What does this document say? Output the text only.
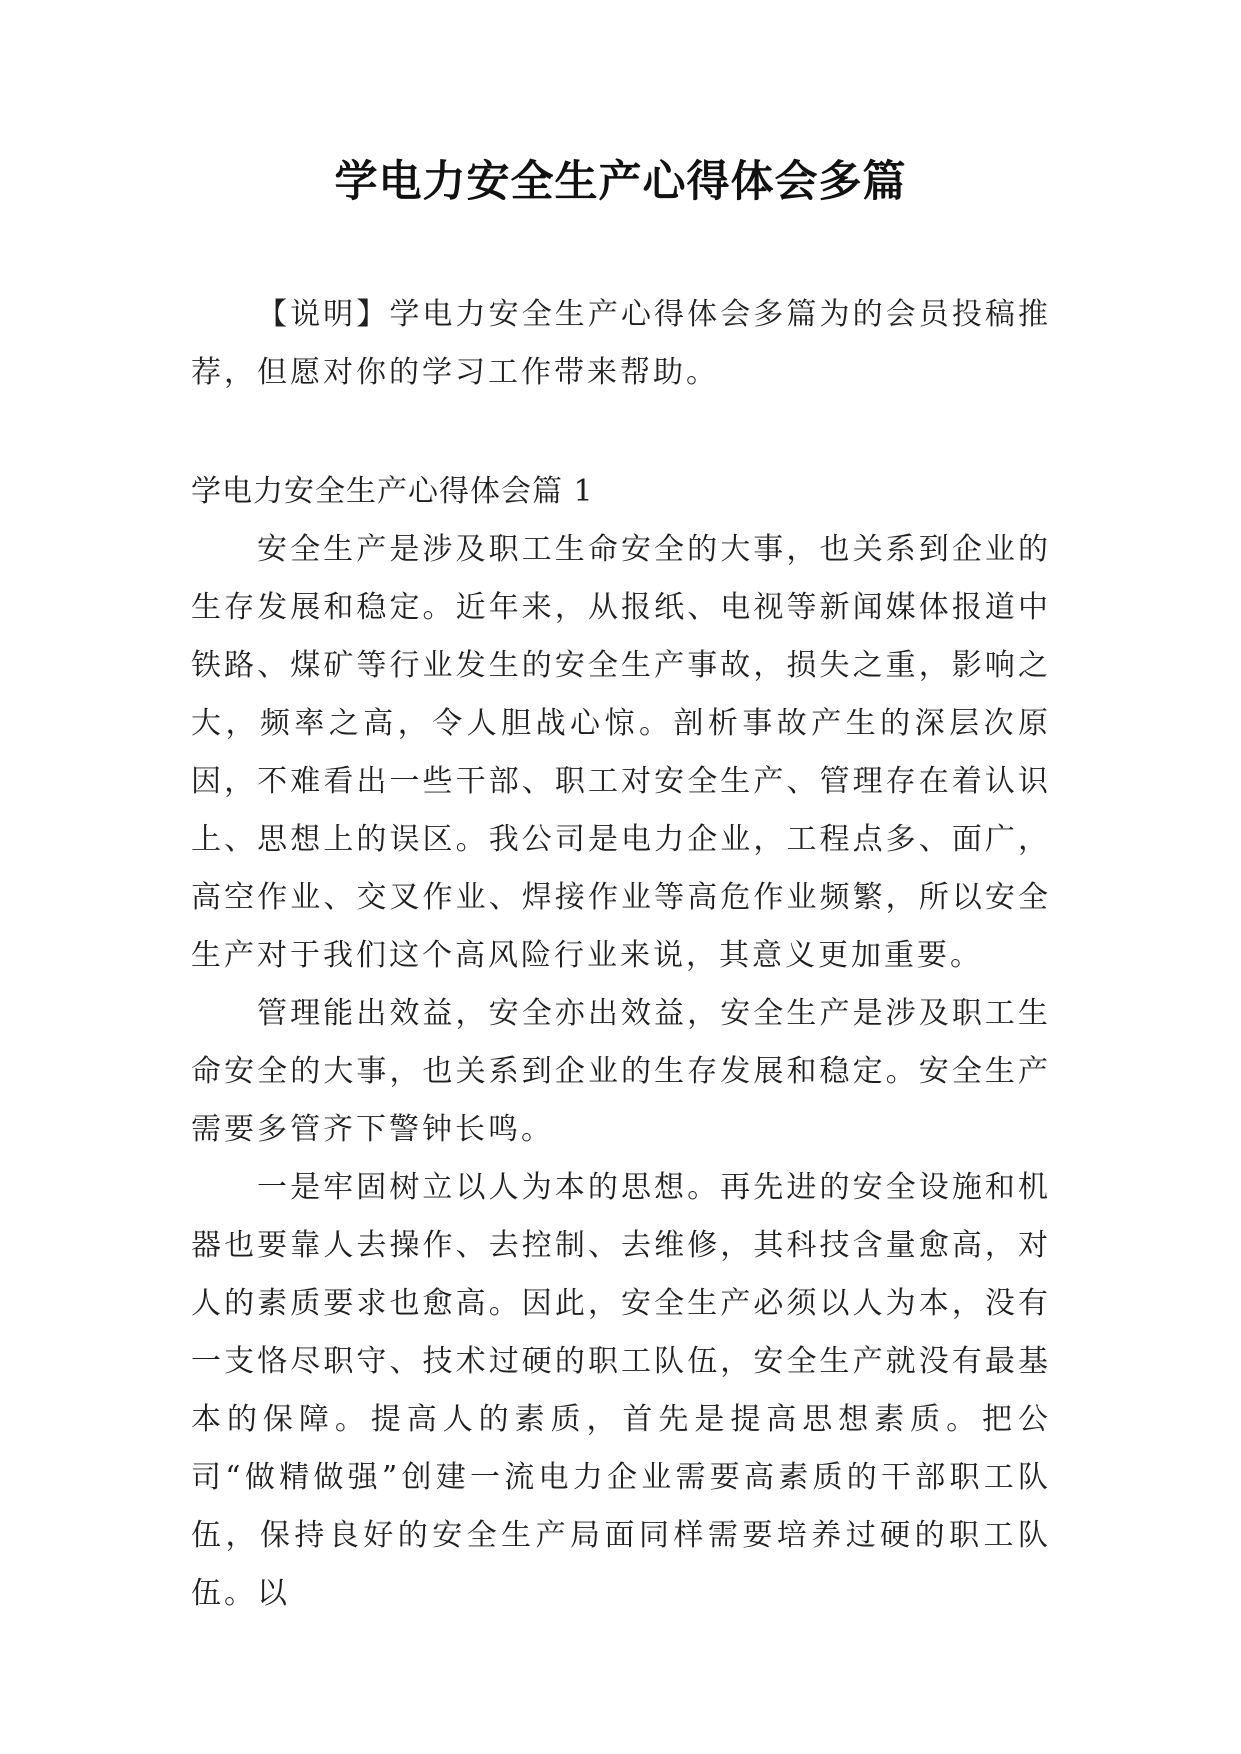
学电力安全生产心得体会多篇

【说明】学电力安全生产心得体会多篇为的会员投稿推荐，但愿对你的学习工作带来帮助。

学电力安全生产心得体会篇 1

安全生产是涉及职工生命安全的大事，也关系到企业的生存发展和稳定。近年来，从报纸、电视等新闻媒体报道中铁路、煤矿等行业发生的安全生产事故，损失之重，影响之大，频率之高，令人胆战心惊。剖析事故产生的深层次原因，不难看出一些干部、职工对安全生产、管理存在着认识上、思想上的误区。我公司是电力企业，工程点多、面广，高空作业、交叉作业、焊接作业等高危作业频繁，所以安全生产对于我们这个高风险行业来说，其意义更加重要。

管理能出效益，安全亦出效益，安全生产是涉及职工生命安全的大事，也关系到企业的生存发展和稳定。安全生产需要多管齐下警钟长鸣。

一是牢固树立以人为本的思想。再先进的安全设施和机器也要靠人去操作、去控制、去维修，其科技含量愈高，对人的素质要求也愈高。因此，安全生产必须以人为本，没有一支恪尽职守、技术过硬的职工队伍，安全生产就没有最基本的保障。提高人的素质，首先是提高思想素质。把公司“做精做强”创建一流电力企业需要高素质的干部职工队伍，保持良好的安全生产局面同样需要培养过硬的职工队伍。以
